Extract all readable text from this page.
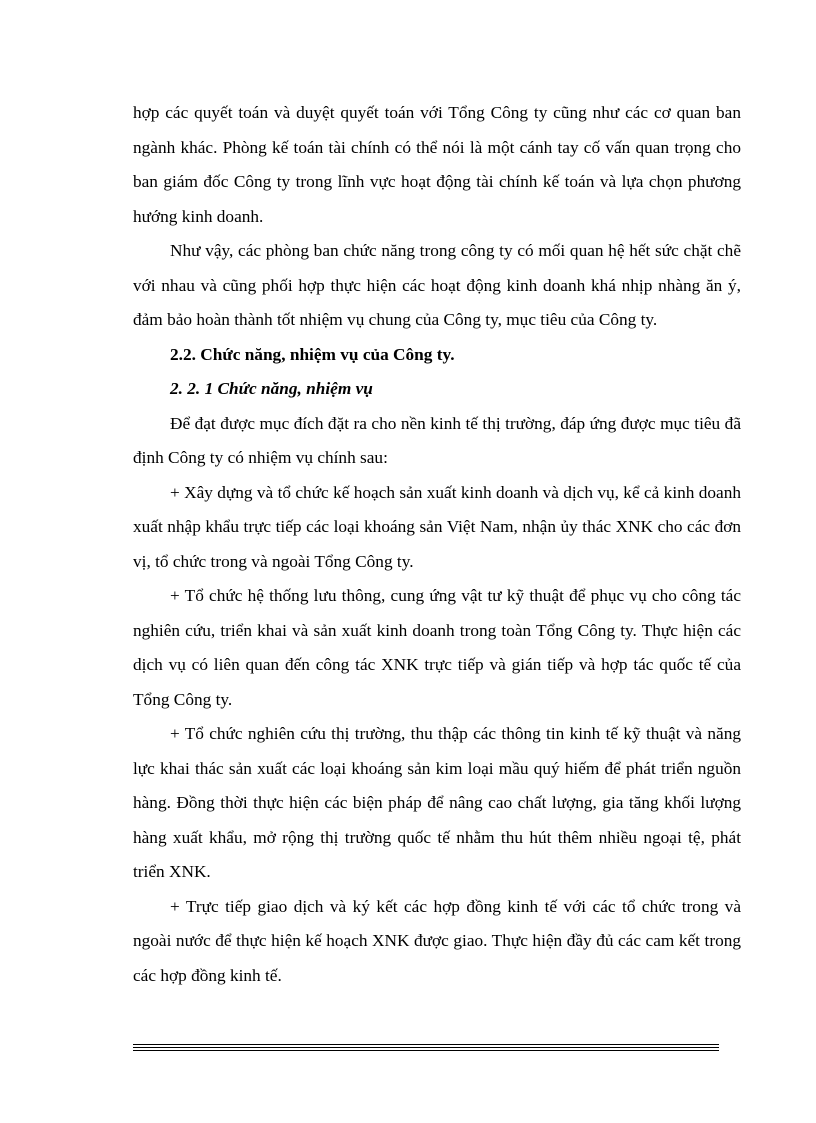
hợp các quyết toán và duyệt quyết toán với Tổng Công ty cũng như các cơ quan ban ngành khác. Phòng kế toán tài chính có thể nói là một cánh tay cố vấn quan trọng cho ban giám đốc Công ty trong lĩnh vực hoạt động tài chính kế toán và lựa chọn phương hướng kinh doanh.

Như vậy, các phòng ban chức năng trong công ty có mối quan hệ hết sức chặt chẽ với nhau và cũng phối hợp thực hiện các hoạt động kinh doanh khá nhịp nhàng ăn ý, đảm bảo hoàn thành tốt nhiệm vụ chung của Công ty, mục tiêu của Công ty.

2.2. Chức năng, nhiệm vụ của Công ty.

2. 2. 1 Chức năng, nhiệm vụ

Để đạt được mục đích đặt ra cho nền kinh tế thị trường, đáp ứng được mục tiêu đã định Công ty có nhiệm vụ chính sau:

+ Xây dựng và tổ chức kế hoạch sản xuất kinh doanh và dịch vụ, kể cả kinh doanh xuất nhập khẩu trực tiếp các loại khoáng sản Việt Nam, nhận ủy thác XNK cho các đơn vị, tổ chức trong và ngoài Tổng Công ty.

+ Tổ chức hệ thống lưu thông, cung ứng vật tư kỹ thuật để phục vụ cho công tác nghiên cứu, triển khai và sản xuất kinh doanh trong toàn Tổng Công ty. Thực hiện các dịch vụ có liên quan đến công tác XNK trực tiếp và gián tiếp và hợp tác quốc tế của Tổng Công ty.

+ Tổ chức nghiên cứu thị trường, thu thập các thông tin kinh tế kỹ thuật và năng lực khai thác sản xuất các loại khoáng sản kim loại mầu quý hiếm để phát triển nguồn hàng. Đồng thời thực hiện các biện pháp để nâng cao chất lượng, gia tăng khối lượng hàng xuất khẩu, mở rộng thị trường quốc tế nhằm thu hút thêm nhiều ngoại tệ, phát triển XNK.

+ Trực tiếp giao dịch và ký kết các hợp đồng kinh tế với các tổ chức trong và ngoài nước để thực hiện kế hoạch XNK được giao. Thực hiện đầy đủ các cam kết trong các hợp đồng kinh tế.
